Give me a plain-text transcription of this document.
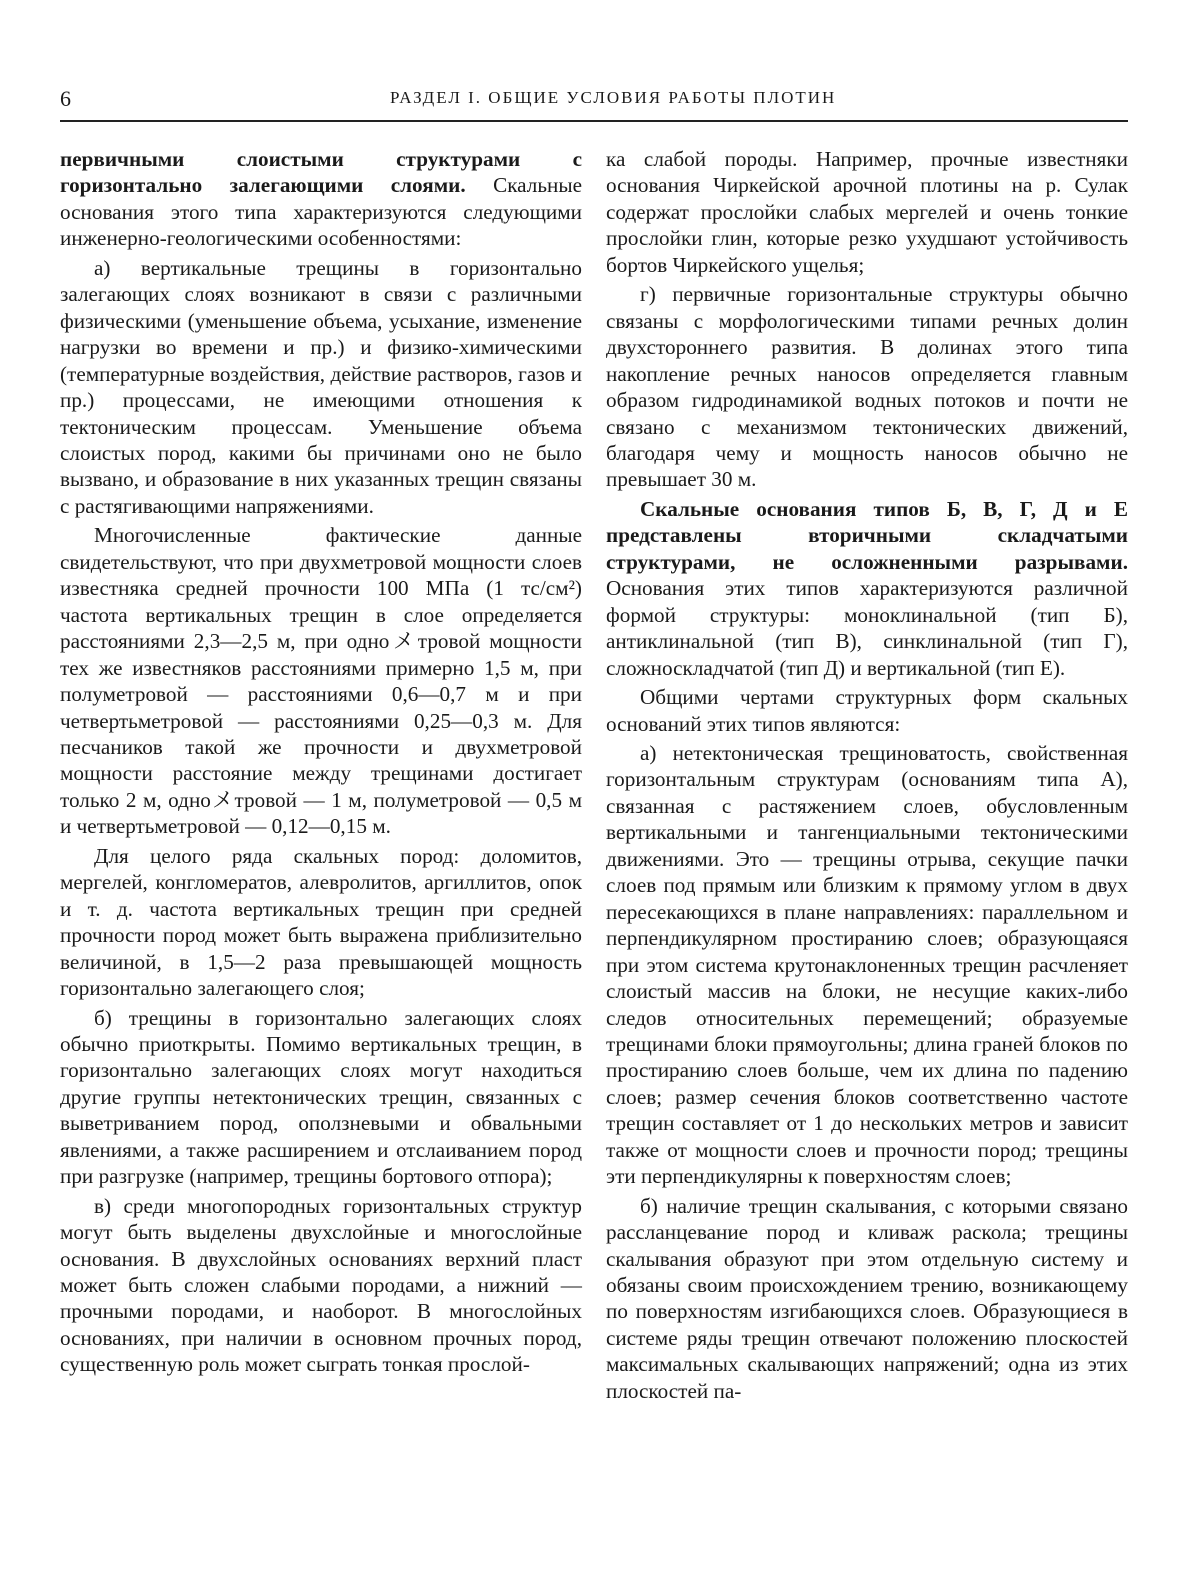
6	РАЗДЕЛ I. ОБЩИЕ УСЛОВИЯ РАБОТЫ ПЛОТИН

первичными слоистыми структурами с горизонтально залегающими слоями. Скальные основания этого типа характеризуются следующими инженерно-геологическими особенностями:

а) вертикальные трещины в горизонтально залегающих слоях возникают в связи с различными физическими (уменьшение объема, усыхание, изменение нагрузки во времени и пр.) и физико-химическими (температурные воздействия, действие растворов, газов и пр.) процессами, не имеющими отношения к тектоническим процессам. Уменьшение объема слоистых пород, какими бы причинами оно не было вызвано, и образование в них указанных трещин связаны с растягивающими напряжениями.

Многочисленные фактические данные свидетельствуют, что при двухметровой мощности слоев известняка средней прочности 100 МПа (1 тс/см²) частота вертикальных трещин в слое определяется расстояниями 2,3—2,5 м, при одноメтровой мощности тех же известняков расстояниями примерно 1,5 м, при полуметровой — расстояниями 0,6—0,7 м и при четвертьметровой — расстояниями 0,25—0,3 м. Для песчаников такой же прочности и двухметровой мощности расстояние между трещинами достигает только 2 м, одноメтровой — 1 м, полуметровой — 0,5 м и четвертьметровой — 0,12—0,15 м.

Для целого ряда скальных пород: доломитов, мергелей, конгломератов, алевролитов, аргиллитов, опок и т. д. частота вертикальных трещин при средней прочности пород может быть выражена приблизительно величиной, в 1,5—2 раза превышающей мощность горизонтально залегающего слоя;

б) трещины в горизонтально залегающих слоях обычно приоткрыты. Помимо вертикальных трещин, в горизонтально залегающих слоях могут находиться другие группы нетектонических трещин, связанных с выветриванием пород, оползневыми и обвальными явлениями, а также расширением и отслаиванием пород при разгрузке (например, трещины бортового отпора);

в) среди многопородных горизонтальных структур могут быть выделены двухслойные и многослойные основания. В двухслойных основаниях верхний пласт может быть сложен слабыми породами, а нижний — прочными породами, и наоборот. В многослойных основаниях, при наличии в основном прочных пород, существенную роль может сыграть тонкая прослой-

ка слабой породы. Например, прочные известняки основания Чиркейской арочной плотины на р. Сулак содержат прослойки слабых мергелей и очень тонкие прослойки глин, которые резко ухудшают устойчивость бортов Чиркейского ущелья;

г) первичные горизонтальные структуры обычно связаны с морфологическими типами речных долин двухстороннего развития. В долинах этого типа накопление речных наносов определяется главным образом гидродинамикой водных потоков и почти не связано с механизмом тектонических движений, благодаря чему и мощность наносов обычно не превышает 30 м.

Скальные основания типов Б, В, Г, Д и Е представлены вторичными складчатыми структурами, не осложненными разрывами. Основания этих типов характеризуются различной формой структуры: моноклинальной (тип Б), антиклинальной (тип В), синклинальной (тип Г), сложноскладчатой (тип Д) и вертикальной (тип Е).

Общими чертами структурных форм скальных оснований этих типов являются:

а) нетектоническая трещиноватость, свойственная горизонтальным структурам (основаниям типа А), связанная с растяжением слоев, обусловленным вертикальными и тангенциальными тектоническими движениями. Это — трещины отрыва, секущие пачки слоев под прямым или близким к прямому углом в двух пересекающихся в плане направлениях: параллельном и перпендикулярном простиранию слоев; образующаяся при этом система крутонаклоненных трещин расчленяет слоистый массив на блоки, не несущие каких-либо следов относительных перемещений; образуемые трещинами блоки прямоугольны; длина граней блоков по простиранию слоев больше, чем их длина по падению слоев; размер сечения блоков соответственно частоте трещин составляет от 1 до нескольких метров и зависит также от мощности слоев и прочности пород; трещины эти перпендикулярны к поверхностям слоев;

б) наличие трещин скалывания, с которыми связано рассланцевание пород и кливаж раскола; трещины скалывания образуют при этом отдельную систему и обязаны своим происхождением трению, возникающему по поверхностям изгибающихся слоев. Образующиеся в системе ряды трещин отвечают положению плоскостей максимальных скалывающих напряжений; одна из этих плоскостей па-
